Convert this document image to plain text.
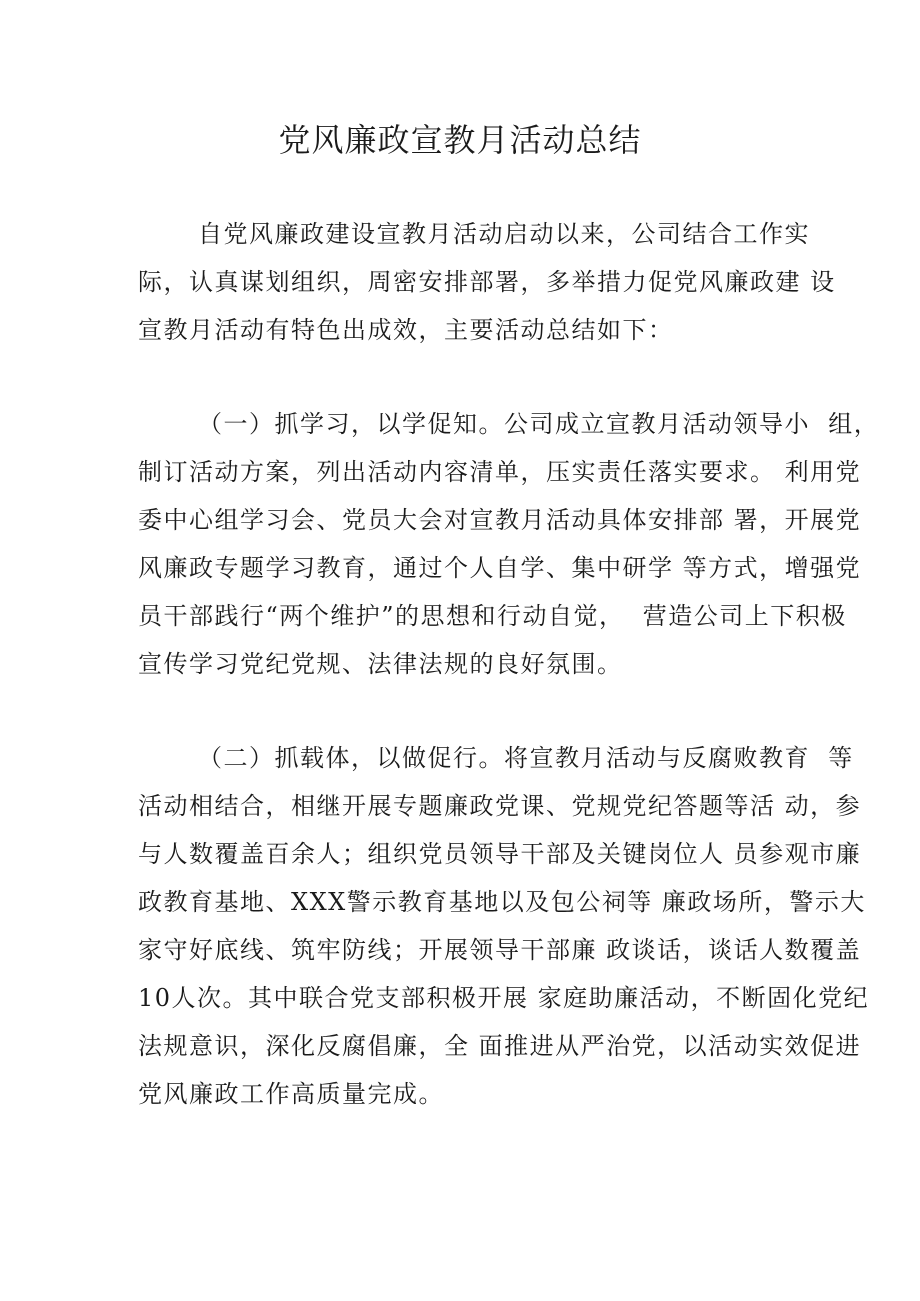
党风廉政宣教月活动总结
自党风廉政建设宣教月活动启动以来，公司结合工作实
际，认真谋划组织，周密安排部署，多举措力促党风廉政建 设
宣教月活动有特色出成效，主要活动总结如下：
（一）抓学习，以学促知。公司成立宣教月活动领导小  组，
制订活动方案，列出活动内容清单，压实责任落实要求。 利用党
委中心组学习会、党员大会对宣教月活动具体安排部 署，开展党
风廉政专题学习教育，通过个人自学、集中研学 等方式，增强党
员干部践行“两个维护”的思想和行动自觉，  营造公司上下积极
宣传学习党纪党规、法律法规的良好氛围。
（二）抓载体，以做促行。将宣教月活动与反腐败教育  等
活动相结合，相继开展专题廉政党课、党规党纪答题等活 动，参
与人数覆盖百余人；组织党员领导干部及关键岗位人 员参观市廉
政教育基地、XXX警示教育基地以及包公祠等 廉政场所，警示大
家守好底线、筑牢防线；开展领导干部廉 政谈话，谈话人数覆盖
10人次。其中联合党支部积极开展 家庭助廉活动，不断固化党纪
法规意识，深化反腐倡廉，全 面推进从严治党，以活动实效促进
党风廉政工作高质量完成。
